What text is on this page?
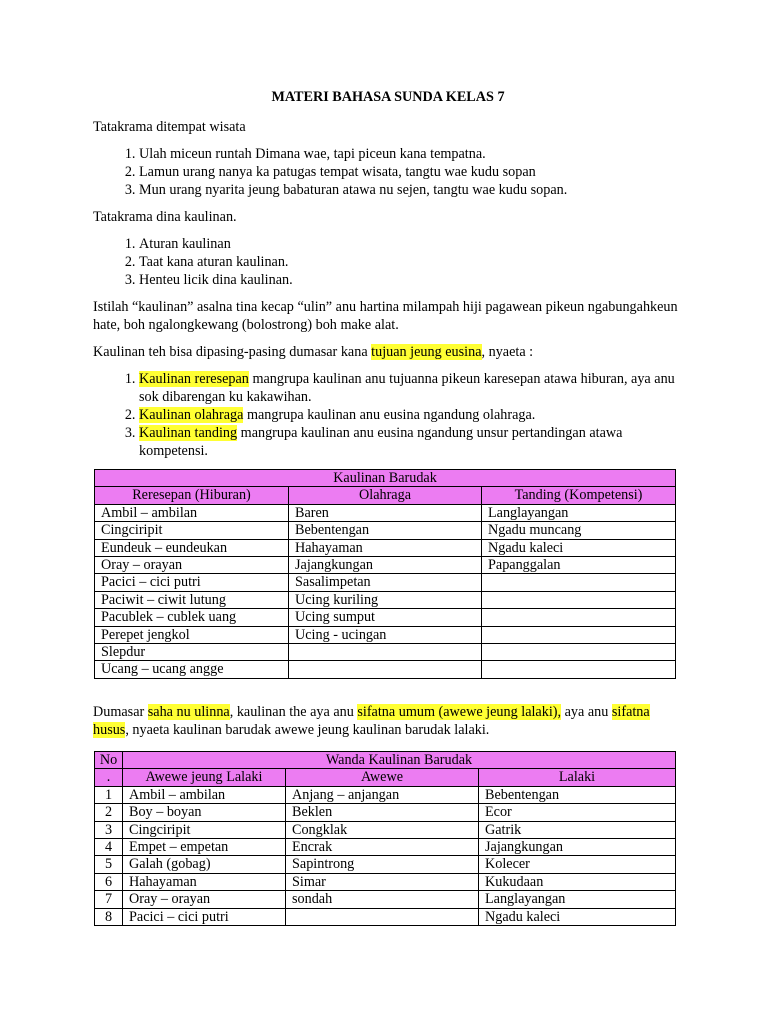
MATERI BAHASA SUNDA KELAS 7

Tatakrama ditempat wisata

1. Ulah miceun runtah Dimana wae, tapi piceun kana tempatna.
2. Lamun urang nanya ka patugas tempat wisata, tangtu wae kudu sopan
3. Mun urang nyarita jeung babaturan atawa nu sejen, tangtu wae kudu sopan.

Tatakrama dina kaulinan.

1. Aturan kaulinan
2. Taat kana aturan kaulinan.
3. Henteu licik dina kaulinan.

Istilah “kaulinan” asalna tina kecap “ulin” anu hartina milampah hiji pagawean pikeun ngabungahkeun hate, boh ngalongkewang (bolostrong) boh make alat.

Kaulinan teh bisa dipasing-pasing dumasar kana tujuan jeung eusina, nyaeta :

1. Kaulinan reresepan mangrupa kaulinan anu tujuanna pikeun karesepan atawa hiburan, aya anu sok dibarengan ku kakawihan.
2. Kaulinan olahraga mangrupa kaulinan anu eusina ngandung olahraga.
3. Kaulinan tanding mangrupa kaulinan anu eusina ngandung unsur pertandingan atawa kompetensi.
Kaulinan Barudak		
Reresepan (Hiburan)	Olahraga	Tanding (Kompetensi)
Ambil – ambilan	Baren	Langlayangan
Cingciripit	Bebentengan	Ngadu muncang
Eundeuk – eundeukan	Hahayaman	Ngadu kaleci
Oray – orayan	Jajangkungan	Papanggalan
Pacici – cici putri	Sasalimpetan	
Paciwit – ciwit lutung	Ucing kuriling	
Pacublek – cublek uang	Ucing sumput	
Perepet jengkol	Ucing - ucingan	
Slepdur		
Ucang – ucang angge		

Dumasar saha nu ulinna, kaulinan the aya anu sifatna umum (awewe jeung lalaki), aya anu sifatna husus, nyaeta kaulinan barudak awewe jeung kaulinan barudak lalaki.

No	Wanda Kaulinan Barudak		
.	Awewe jeung Lalaki	Awewe	Lalaki
1	Ambil – ambilan	Anjang – anjangan	Bebentengan
2	Boy – boyan	Beklen	Ecor
3	Cingciripit	Congklak	Gatrik
4	Empet – empetan	Encrak	Jajangkungan
5	Galah (gobag)	Sapintrong	Kolecer
6	Hahayaman	Simar	Kukudaan
7	Oray – orayan	sondah	Langlayangan
8	Pacici – cici putri		Ngadu kaleci
